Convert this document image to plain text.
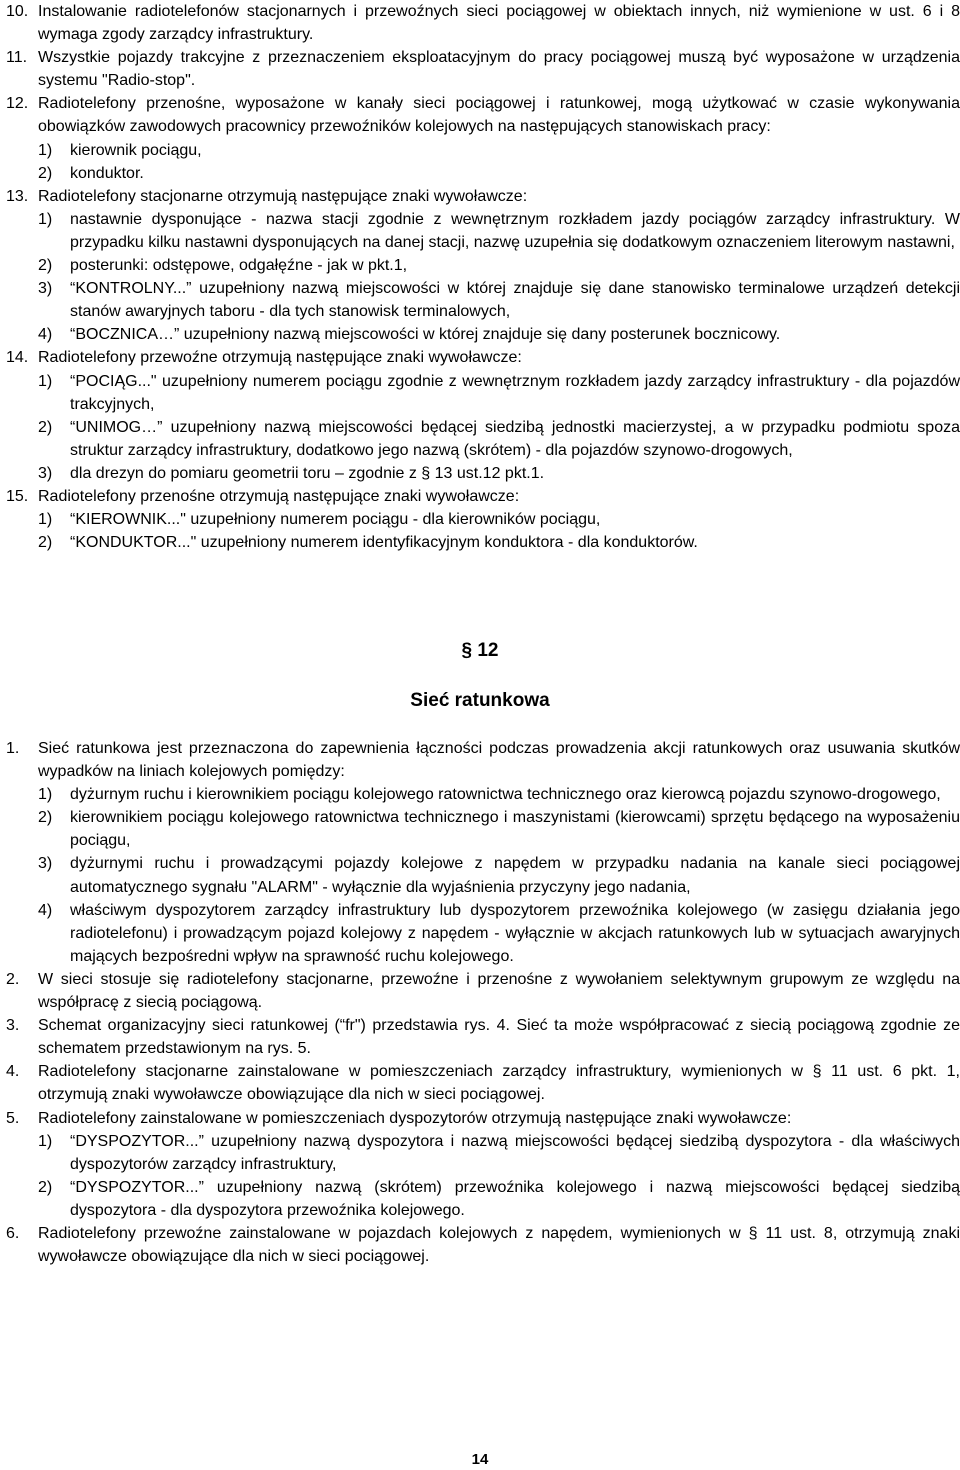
10. Instalowanie radiotelefonów stacjonarnych i przewoźnych sieci pociągowej w obiektach innych, niż wymienione w ust. 6 i 8 wymaga zgody zarządcy infrastruktury.
11. Wszystkie pojazdy trakcyjne z przeznaczeniem eksploatacyjnym do pracy pociągowej muszą być wyposażone w urządzenia systemu "Radio-stop".
12. Radiotelefony przenośne, wyposażone w kanały sieci pociągowej i ratunkowej, mogą użytkować w czasie wykonywania obowiązków zawodowych pracownicy przewoźników kolejowych na następujących stanowiskach pracy:
1) kierownik pociągu,
2) konduktor.
13. Radiotelefony stacjonarne otrzymują następujące znaki wywoławcze:
1) nastawnie dysponujące - nazwa stacji zgodnie z wewnętrznym rozkładem jazdy pociągów zarządcy infrastruktury. W przypadku kilku nastawni dysponujących na danej stacji, nazwę uzupełnia się dodatkowym oznaczeniem literowym nastawni,
2) posterunki: odstępowe, odgałęźne - jak w pkt.1,
3) “KONTROLNY...” uzupełniony nazwą miejscowości w której znajduje się dane stanowisko terminalowe urządzeń detekcji stanów awaryjnych taboru - dla tych stanowisk terminalowych,
4) “BOCZNICA…” uzupełniony nazwą miejscowości w której znajduje się dany posterunek bocznicowy.
14. Radiotelefony przewoźne otrzymują następujące znaki wywoławcze:
1) “POCIĄG..." uzupełniony numerem pociągu zgodnie z wewnętrznym rozkładem jazdy zarządcy infrastruktury - dla pojazdów trakcyjnych,
2) “UNIMOG…” uzupełniony nazwą miejscowości będącej siedzibą jednostki macierzystej, a w przypadku podmiotu spoza struktur zarządcy infrastruktury, dodatkowo jego nazwą (skrótem) - dla pojazdów szynowo-drogowych,
3) dla drezyn do pomiaru geometrii toru – zgodnie z § 13 ust.12 pkt.1.
15. Radiotelefony przenośne otrzymują następujące znaki wywoławcze:
1) “KIEROWNIK..." uzupełniony numerem pociągu - dla kierowników pociągu,
2) “KONDUKTOR..." uzupełniony numerem identyfikacyjnym konduktora - dla konduktorów.
§ 12
Sieć ratunkowa
1. Sieć ratunkowa jest przeznaczona do zapewnienia łączności podczas prowadzenia akcji ratunkowych oraz usuwania skutków wypadków na liniach kolejowych pomiędzy:
1) dyżurnym ruchu i kierownikiem pociągu kolejowego ratownictwa technicznego oraz kierowcą pojazdu szynowo-drogowego,
2) kierownikiem pociągu kolejowego ratownictwa technicznego i maszynistami (kierowcami) sprzętu będącego na wyposażeniu pociągu,
3) dyżurnymi ruchu i prowadzącymi pojazdy kolejowe z napędem w przypadku nadania na kanale sieci pociągowej automatycznego sygnału "ALARM" - wyłącznie dla wyjaśnienia przyczyny jego nadania,
4) właściwym dyspozytorem zarządcy infrastruktury lub dyspozytorem przewoźnika kolejowego (w zasięgu działania jego radiotelefonu) i prowadzącym pojazd kolejowy z napędem - wyłącznie w akcjach ratunkowych lub w sytuacjach awaryjnych mających bezpośredni wpływ na sprawność ruchu kolejowego.
2. W sieci stosuje się radiotelefony stacjonarne, przewoźne i przenośne z wywołaniem selektywnym grupowym ze względu na współpracę z siecią pociągową.
3. Schemat organizacyjny sieci ratunkowej (“fr") przedstawia rys. 4. Sieć ta może współpracować z siecią pociągową zgodnie ze schematem przedstawionym na rys. 5.
4. Radiotelefony stacjonarne zainstalowane w pomieszczeniach zarządcy infrastruktury, wymienionych w § 11 ust. 6 pkt. 1, otrzymują znaki wywoławcze obowiązujące dla nich w sieci pociągowej.
5. Radiotelefony zainstalowane w pomieszczeniach dyspozytorów otrzymują następujące znaki wywoławcze:
1) “DYSPOZYTOR...” uzupełniony nazwą dyspozytora i nazwą miejscowości będącej siedzibą dyspozytora - dla właściwych dyspozytorów zarządcy infrastruktury,
2) “DYSPOZYTOR...” uzupełniony nazwą (skrótem) przewoźnika kolejowego i nazwą miejscowości będącej siedzibą dyspozytora - dla dyspozytora przewoźnika kolejowego.
6. Radiotelefony przewoźne zainstalowane w pojazdach kolejowych z napędem, wymienionych w § 11 ust. 8, otrzymują znaki wywoławcze obowiązujące dla nich w sieci pociągowej.
14
